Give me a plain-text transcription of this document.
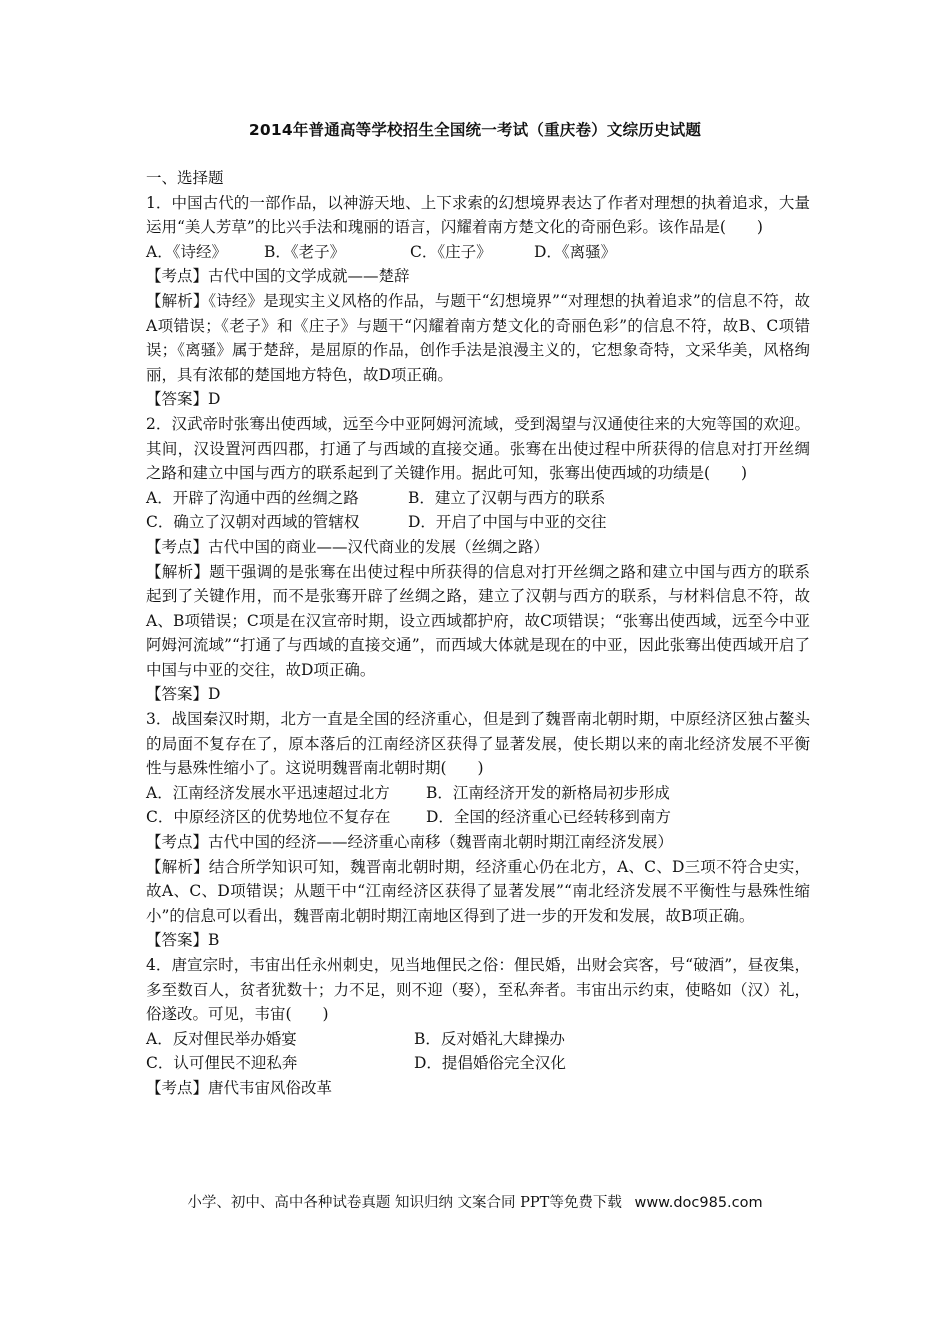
2014年普通高等学校招生全国统一考试（重庆卷）文综历史试题
一、选择题
1．中国古代的一部作品，以神游天地、上下求索的幻想境界表达了作者对理想的执着追求，大量运用“美人芳草”的比兴手法和瑰丽的语言，闪耀着南方楚文化的奇丽色彩。该作品是(　　)
A．《诗经》	B．《老子》	C．《庄子》	D．《离骚》
【考点】古代中国的文学成就——楚辞
【解析】《诗经》是现实主义风格的作品，与题干“幻想境界”“对理想的执着追求”的信息不符，故A项错误；《老子》和《庄子》与题干“闪耀着南方楚文化的奇丽色彩”的信息不符，故B、C项错误；《离骚》属于楚辞，是屈原的作品，创作手法是浪漫主义的，它想象奇特，文采华美，风格绚丽，具有浓郁的楚国地方特色，故D项正确。
【答案】D
2．汉武帝时张骞出使西域，远至今中亚阿姆河流域，受到渴望与汉通使往来的大宛等国的欢迎。其间，汉设置河西四郡，打通了与西域的直接交通。张骞在出使过程中所获得的信息对打开丝绸之路和建立中国与西方的联系起到了关键作用。据此可知，张骞出使西域的功绩是(　　)
A．开辟了沟通中西的丝绸之路	B．建立了汉朝与西方的联系
C．确立了汉朝对西域的管辖权	D．开启了中国与中亚的交往
【考点】古代中国的商业——汉代商业的发展（丝绸之路）
【解析】题干强调的是张骞在出使过程中所获得的信息对打开丝绸之路和建立中国与西方的联系起到了关键作用，而不是张骞开辟了丝绸之路，建立了汉朝与西方的联系，与材料信息不符，故A、B项错误；C项是在汉宣帝时期，设立西域都护府，故C项错误；“张骞出使西域，远至今中亚阿姆河流域”“打通了与西域的直接交通”，而西域大体就是现在的中亚，因此张骞出使西域开启了中国与中亚的交往，故D项正确。
【答案】D
3．战国秦汉时期，北方一直是全国的经济重心，但是到了魏晋南北朝时期，中原经济区独占鳌头的局面不复存在了，原本落后的江南经济区获得了显著发展，使长期以来的南北经济发展不平衡性与悬殊性缩小了。这说明魏晋南北朝时期(　　)
A．江南经济发展水平迅速超过北方	B．江南经济开发的新格局初步形成
C．中原经济区的优势地位不复存在	D．全国的经济重心已经转移到南方
【考点】古代中国的经济——经济重心南移（魏晋南北朝时期江南经济发展）
【解析】结合所学知识可知，魏晋南北朝时期，经济重心仍在北方，A、C、D三项不符合史实，故A、C、D项错误；从题干中“江南经济区获得了显著发展”“南北经济发展不平衡性与悬殊性缩小”的信息可以看出，魏晋南北朝时期江南地区得到了进一步的开发和发展，故B项正确。
【答案】B
4．唐宣宗时，韦宙出任永州刺史，见当地俚民之俗：俚民婚，出财会宾客，号“破酒”，昼夜集，多至数百人，贫者犹数十；力不足，则不迎（娶），至私奔者。韦宙出示约束，使略如（汉）礼，俗遂改。可见，韦宙(　　)
A．反对俚民举办婚宴	B．反对婚礼大肆操办
C．认可俚民不迎私奔	D．提倡婚俗完全汉化
【考点】唐代韦宙风俗改革
小学、初中、高中各种试卷真题 知识归纳 文案合同 PPT等免费下载 www.doc985.com
